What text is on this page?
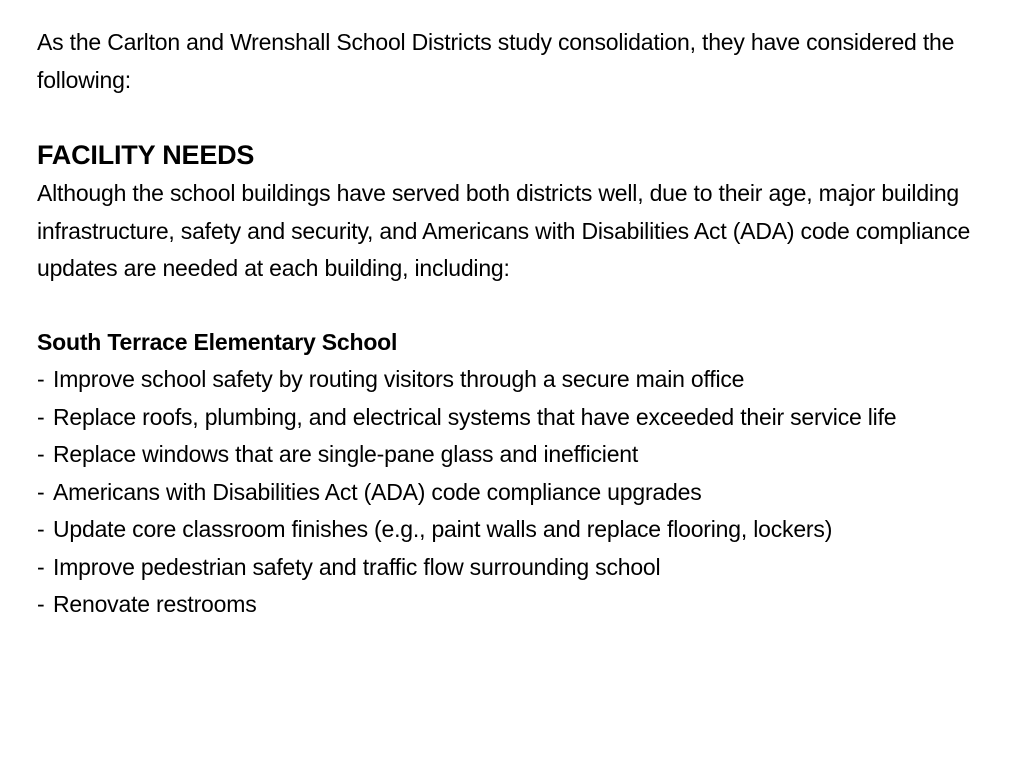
As the Carlton and Wrenshall School Districts study consolidation, they have considered the following:

FACILITY NEEDS

Although the school buildings have served both districts well, due to their age, major building infrastructure, safety and security, and Americans with Disabilities Act (ADA) code compliance updates are needed at each building, including:

South Terrace Elementary School
- Improve school safety by routing visitors through a secure main office
- Replace roofs, plumbing, and electrical systems that have exceeded their service life
- Replace windows that are single-pane glass and inefficient
- Americans with Disabilities Act (ADA) code compliance upgrades
- Update core classroom finishes (e.g., paint walls and replace flooring, lockers)
- Improve pedestrian safety and traffic flow surrounding school
- Renovate restrooms
